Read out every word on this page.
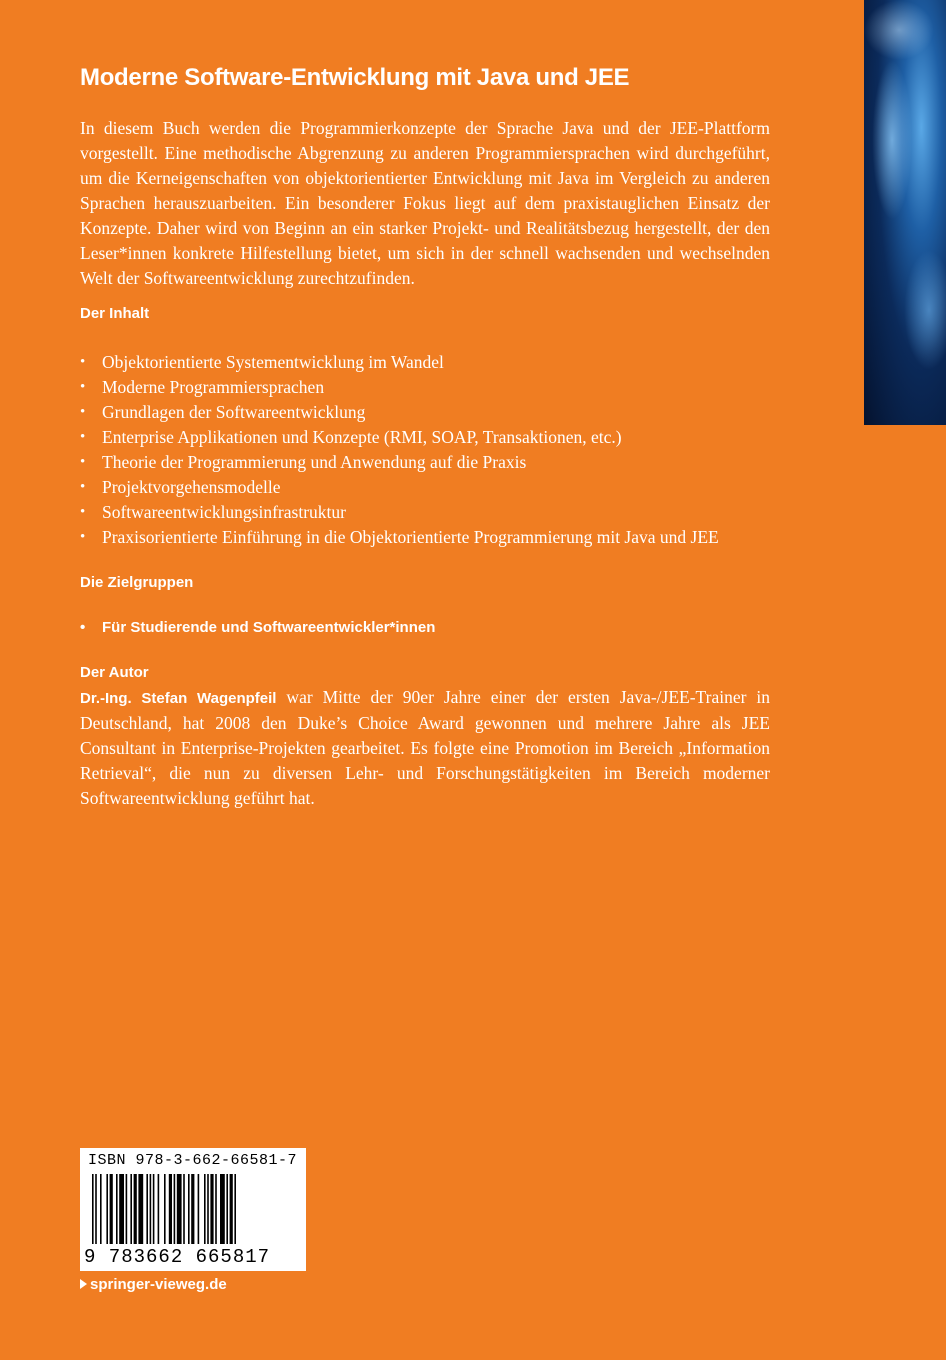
Moderne Software-Entwicklung mit Java und JEE

In diesem Buch werden die Programmierkonzepte der Sprache Java und der JEE-Plattform vorgestellt. Eine methodische Abgrenzung zu anderen Programmiersprachen wird durchgeführt, um die Kerneigenschaften von objektorientierter Entwicklung mit Java im Vergleich zu anderen Sprachen herauszuarbeiten. Ein besonderer Fokus liegt auf dem praxistauglichen Einsatz der Konzepte. Daher wird von Beginn an ein starker Projekt- und Realitätsbezug hergestellt, der den Leser*innen konkrete Hilfestellung bietet, um sich in der schnell wachsenden und wechselnden Welt der Softwareentwicklung zurechtzufinden.

Der Inhalt
• Objektorientierte Systementwicklung im Wandel
• Moderne Programmiersprachen
• Grundlagen der Softwareentwicklung
• Enterprise Applikationen und Konzepte (RMI, SOAP, Transaktionen, etc.)
• Theorie der Programmierung und Anwendung auf die Praxis
• Projektvorgehensmodelle
• Softwareentwicklungsinfrastruktur
• Praxisorientierte Einführung in die Objektorientierte Programmierung mit Java und JEE
Die Zielgruppen
• Für Studierende und Softwareentwickler*innen
Der Autor

Dr.-Ing. Stefan Wagenpfeil war Mitte der 90er Jahre einer der ersten Java-/JEE-Trainer in Deutschland, hat 2008 den Duke’s Choice Award gewonnen und mehrere Jahre als JEE Consultant in Enterprise-Projekten gearbeitet. Es folgte eine Promotion im Bereich „Information Retrieval“, die nun zu diversen Lehr- und Forschungstätigkeiten im Bereich moderner Softwareentwicklung geführt hat.

ISBN 978-3-662-66581-7
9 783662 665817
springer-vieweg.de
